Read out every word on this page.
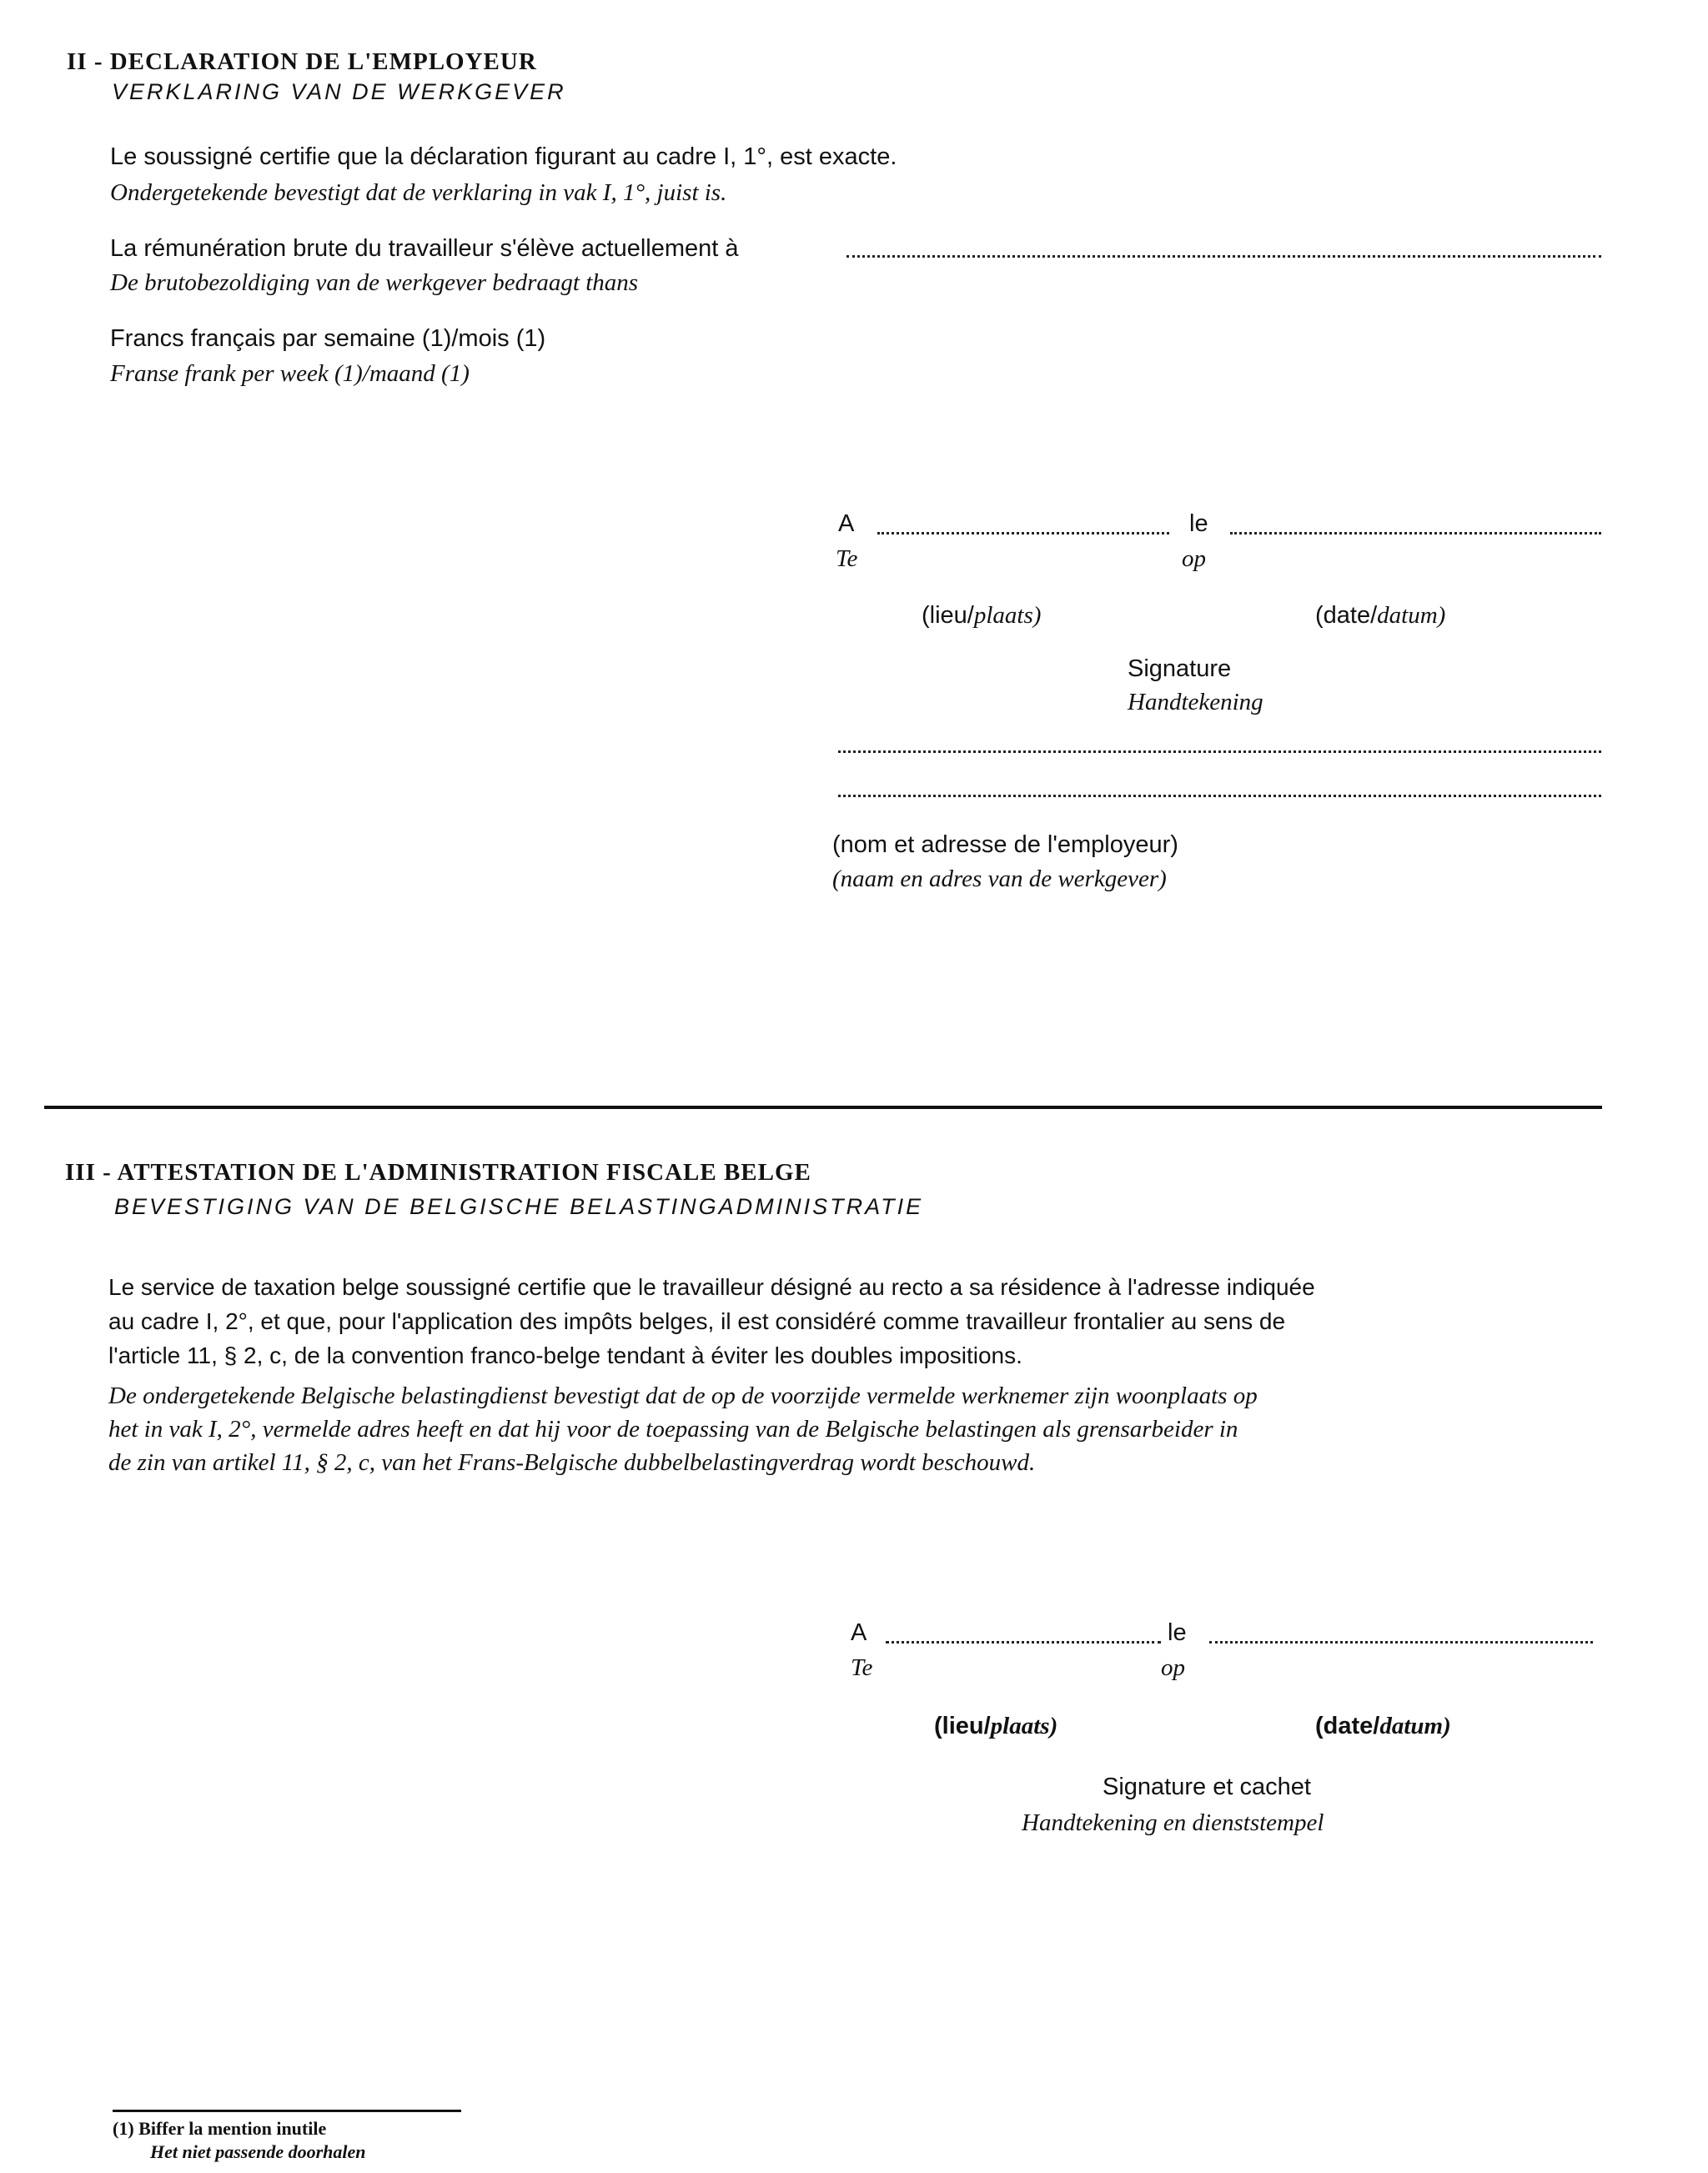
II - DECLARATION DE L'EMPLOYEUR
VERKLARING VAN DE WERKGEVER
Le soussigné certifie que la déclaration figurant au cadre I, 1°, est exacte.
Ondergetekende bevestigt dat de verklaring in vak I, 1°, juist is.
La rémunération brute du travailleur s'élève actuellement à
De brutobezoldiging van de werkgever bedraagt thans
Francs français par semaine (1)/mois (1)
Franse frank per week (1)/maand (1)
A	le
Te	op
(lieu/plaats)	(date/datum)
Signature
Handtekening
(nom et adresse de l'employeur)
(naam en adres van de werkgever)
III - ATTESTATION DE L'ADMINISTRATION FISCALE BELGE
BEVESTIGING VAN DE BELGISCHE BELASTINGADMINISTRATIE
Le service de taxation belge soussigné certifie que le travailleur désigné au recto a sa résidence à l'adresse indiquée
au cadre I, 2°, et que, pour l'application des impôts belges, il est considéré comme travailleur frontalier au sens de
l'article 11, § 2, c, de la convention franco-belge tendant à éviter les doubles impositions.
De ondergetekende Belgische belastingdienst bevestigt dat de op de voorzijde vermelde werknemer zijn woonplaats op
het in vak I, 2°, vermelde adres heeft en dat hij voor de toepassing van de Belgische belastingen als grensarbeider in
de zin van artikel 11, § 2, c, van het Frans-Belgische dubbelbelastingverdrag wordt beschouwd.
A	le
Te	op
(lieu/plaats)	(date/datum)
Signature et cachet
Handtekening en dienststempel
(1) Biffer la mention inutile
Het niet passende doorhalen
